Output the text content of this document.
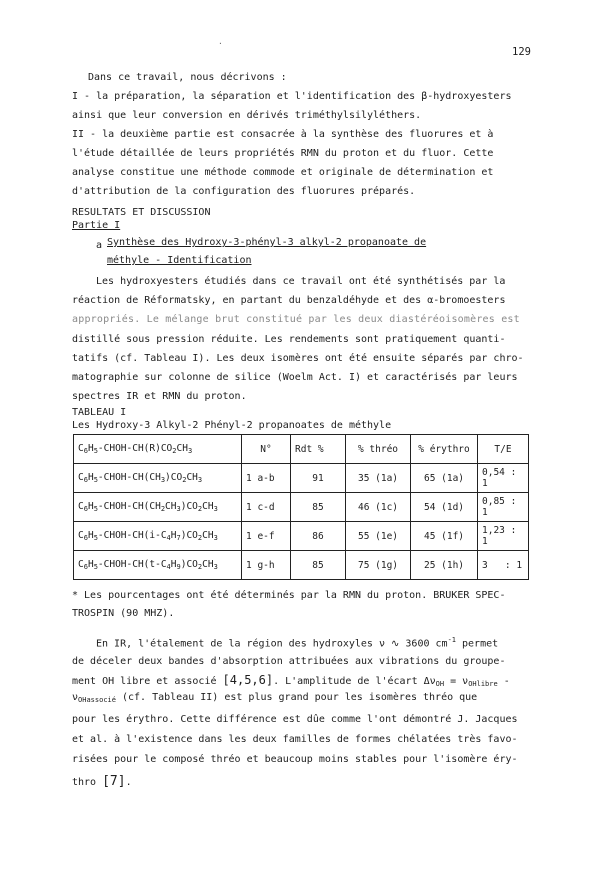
·
129
Dans ce travail, nous décrivons :
I - la préparation, la séparation et l'identification des β-hydroxyesters
ainsi que leur conversion en dérivés triméthylsilyléthers.
II - la deuxième partie est consacrée à la synthèse des fluorures et à
l'étude détaillée de leurs propriétés RMN du proton et du fluor. Cette
analyse constitue une méthode commode et originale de détermination et
d'attribution de la configuration des fluorures préparés.
RESULTATS ET DISCUSSION
Partie I
a Synthèse des Hydroxy-3-phényl-3 alkyl-2 propanoate de
méthyle - Identification
Les hydroxyesters étudiés dans ce travail ont été synthétisés par la
réaction de Réformatsky, en partant du benzaldéhyde et des α-bromoesters
appropriés. Le mélange brut constitué par les deux diastéréoisomères est
distillé sous pression réduite. Les rendements sont pratiquement quanti-
tatifs (cf. Tableau I). Les deux isomères ont été ensuite séparés par chro-
matographie sur colonne de silice (Woelm Act. I) et caractérisés par leurs
spectres IR et RMN du proton.
TABLEAU I
Les Hydroxy-3 Alkyl-2 Phényl-2 propanoates de méthyle
$C_6H_5-CHOH-CH(R)CO_2CH_3$	N°	Rdt %	% thréo	% érythro	T/E
$C_6H_5-CHOH-CH(CH_3)CO_2CH_3$	1 a-b	91	35 (1a)	65 (1a)	0,54 : 1
$C_6H_5-CHOH-CH(CH_2CH_3)CO_2CH_3$	1 c-d	85	46 (1c)	54 (1d)	0,85 : 1
$C_6H_5-CHOH-CH(i-C_4H_7)CO_2CH_3$	1 e-f	86	55 (1e)	45 (1f)	1,23 : 1
$C_6H_5-CHOH-CH(t-C_4H_9)CO_2CH_3$	1 g-h	85	75 (1g)	25 (1h)	3   : 1
* Les pourcentages ont été déterminés par la RMN du proton. BRUKER SPEC-
TROSPIN (90 MHZ).
En IR, l'étalement de la région des hydroxyles ν ∿ 3600 $cm^{-1}$ permet
de déceler deux bandes d'absorption attribuées aux vibrations du groupe-
ment OH libre et associé [4,5,6]. L'amplitude de l'écart $\Delta\nu_{OH} = \nu_{OHlibre}$ -
$\nu_{OHassocié}$ (cf. Tableau II) est plus grand pour les isomères thréo que
pour les érythro. Cette différence est dûe comme l'ont démontré J. Jacques
et al. à l'existence dans les deux familles de formes chélatées très favo-
risées pour le composé thréo et beaucoup moins stables pour l'isomère éry-
thro [7].
